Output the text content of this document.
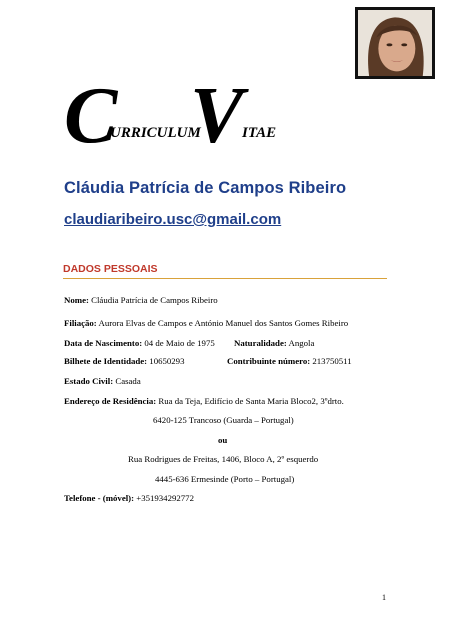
C
URRICULUM
V
ITAE
Cláudia Patrícia de Campos Ribeiro
claudiaribeiro.usc@gmail.com
DADOS PESSOAIS
Nome: Cláudia Patrícia de Campos Ribeiro
Filiação: Aurora Elvas de Campos e António Manuel dos Santos Gomes Ribeiro
Data de Nascimento: 04 de Maio de 1975 Naturalidade: Angola
Bilhete de Identidade: 10650293	Contribuinte número: 213750511
Estado Civil: Casada
Endereço de Residência: Rua da Teja, Edifício de Santa Maria Bloco2, 3ºdrto.
6420-125 Trancoso (Guarda – Portugal)
ou
Rua Rodrigues de Freitas, 1406, Bloco A, 2º esquerdo
4445-636 Ermesinde (Porto – Portugal)
Telefone - (móvel): +351934292772
1
